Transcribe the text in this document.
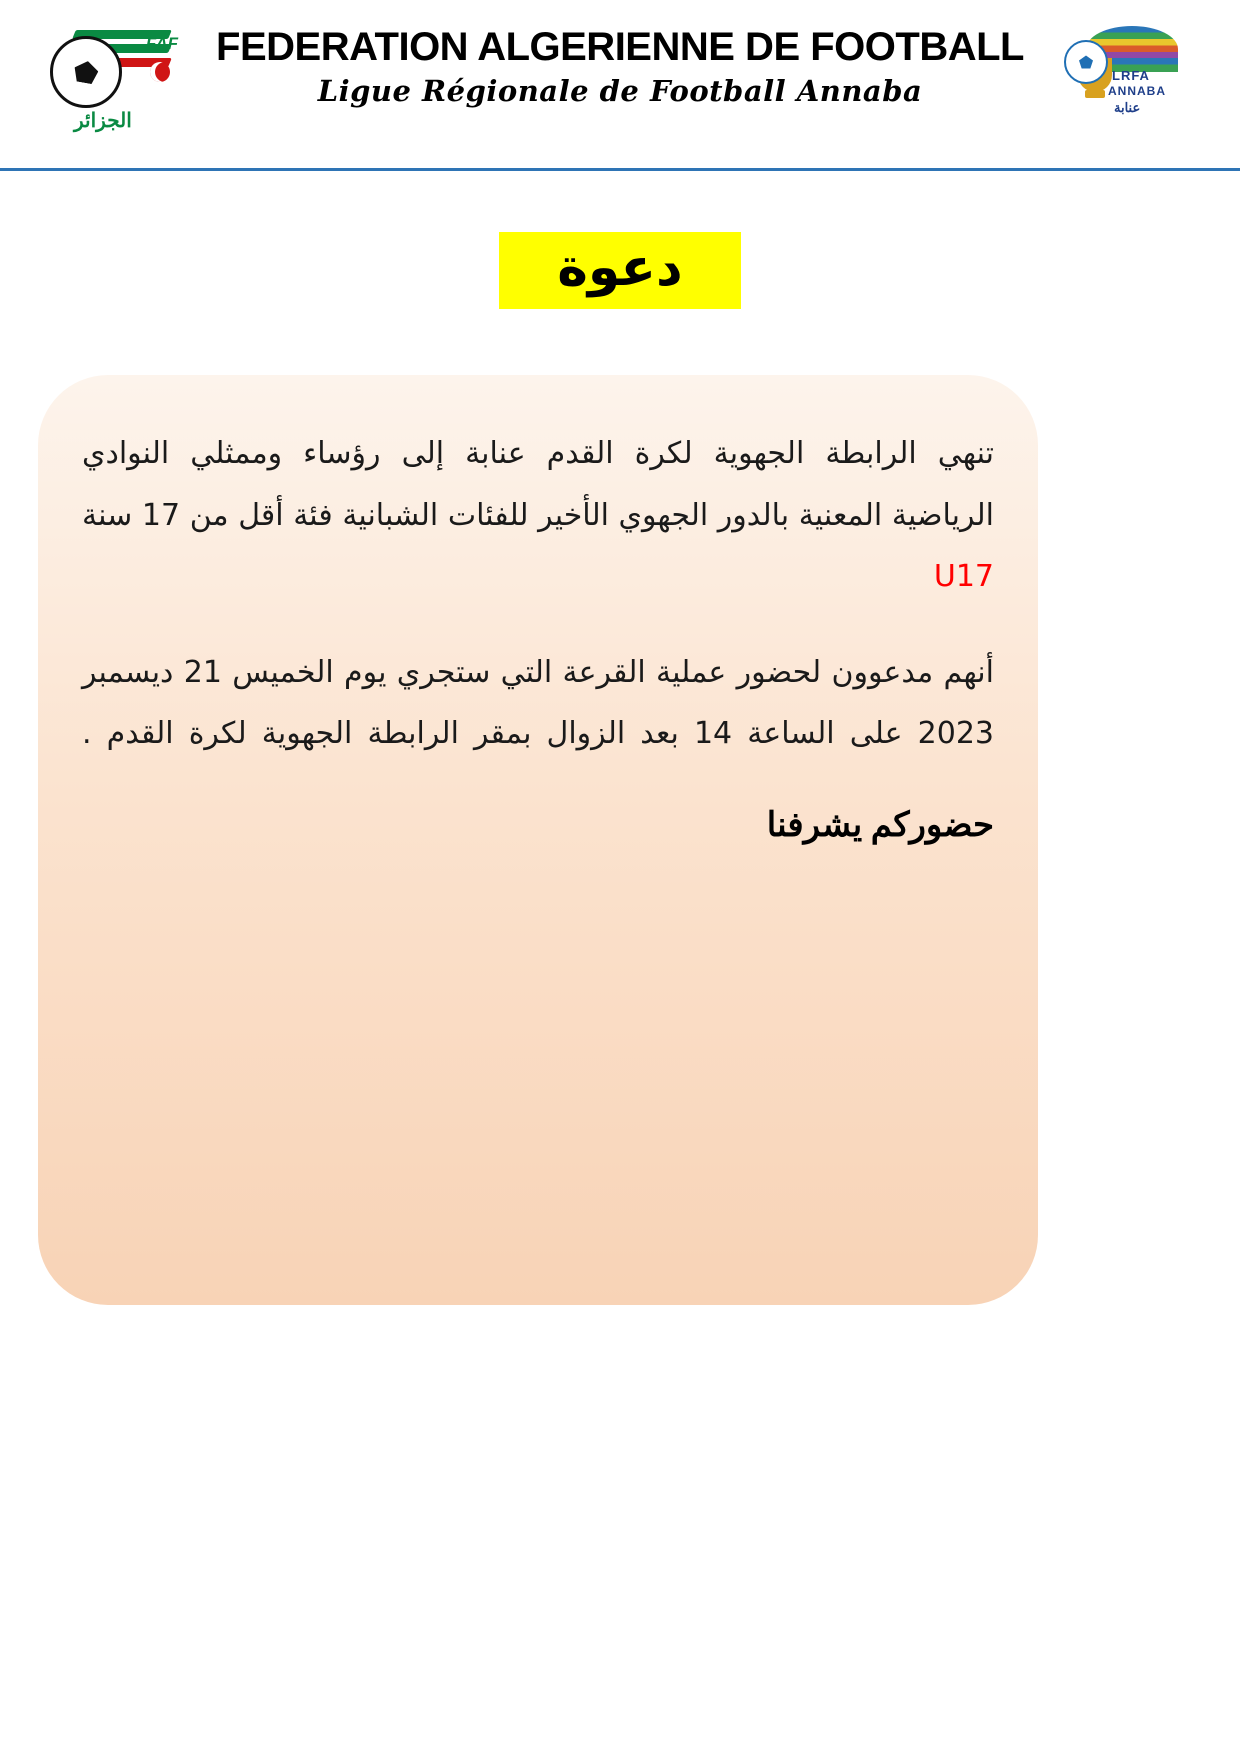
FAF
الجزائر
FEDERATION ALGERIENNE DE FOOTBALL
Ligue Régionale de Football Annaba	LRFA
ANNABA
عنابة
دعوة
تنهي الرابطة الجهوية لكرة القدم عنابة إلى رؤساء وممثلي النوادي الرياضية المعنية بالدور الجهوي الأخير للفئات الشبانية فئة أقل من 17 سنة U17
أنهم مدعوون لحضور عملية القرعة التي ستجري يوم الخميس 21 ديسمبر 2023 على الساعة 14 بعد الزوال بمقر الرابطة الجهوية لكرة القدم .
حضوركم يشرفنا
